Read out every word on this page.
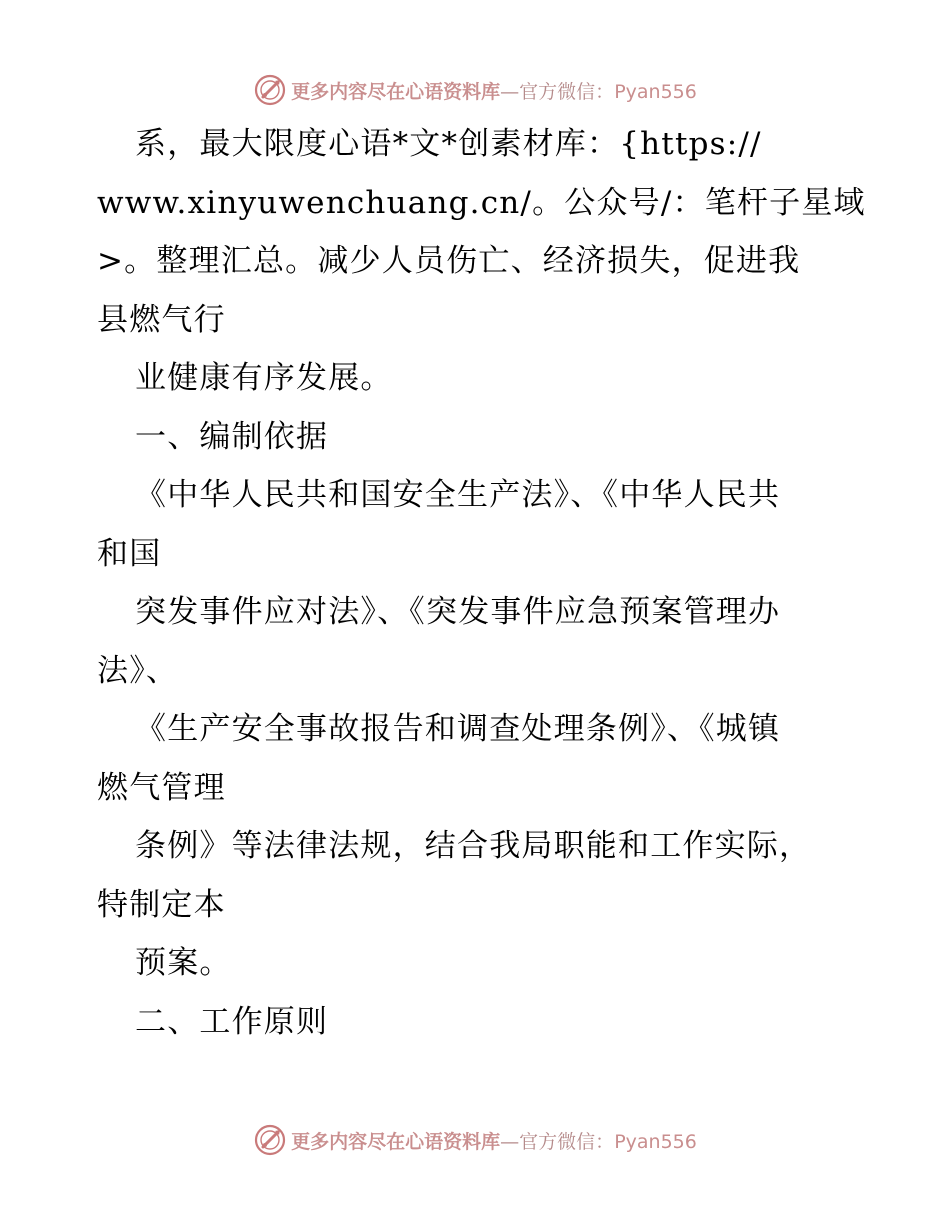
更多内容尽在心语资料库—官方微信：Pyan556
系，最大限度心语*文*创素材库：{https://
www.xinyuwenchuang.cn/。公众号/：笔杆子星域
>。整理汇总。减少人员伤亡、经济损失，促进我
县燃气行
业健康有序发展。
一、编制依据
《中华人民共和国安全生产法》、《中华人民共
和国
突发事件应对法》、《突发事件应急预案管理办
法》、
《生产安全事故报告和调查处理条例》、《城镇
燃气管理
条例》等法律法规，结合我局职能和工作实际，
特制定本
预案。
二、工作原则
更多内容尽在心语资料库—官方微信：Pyan556
